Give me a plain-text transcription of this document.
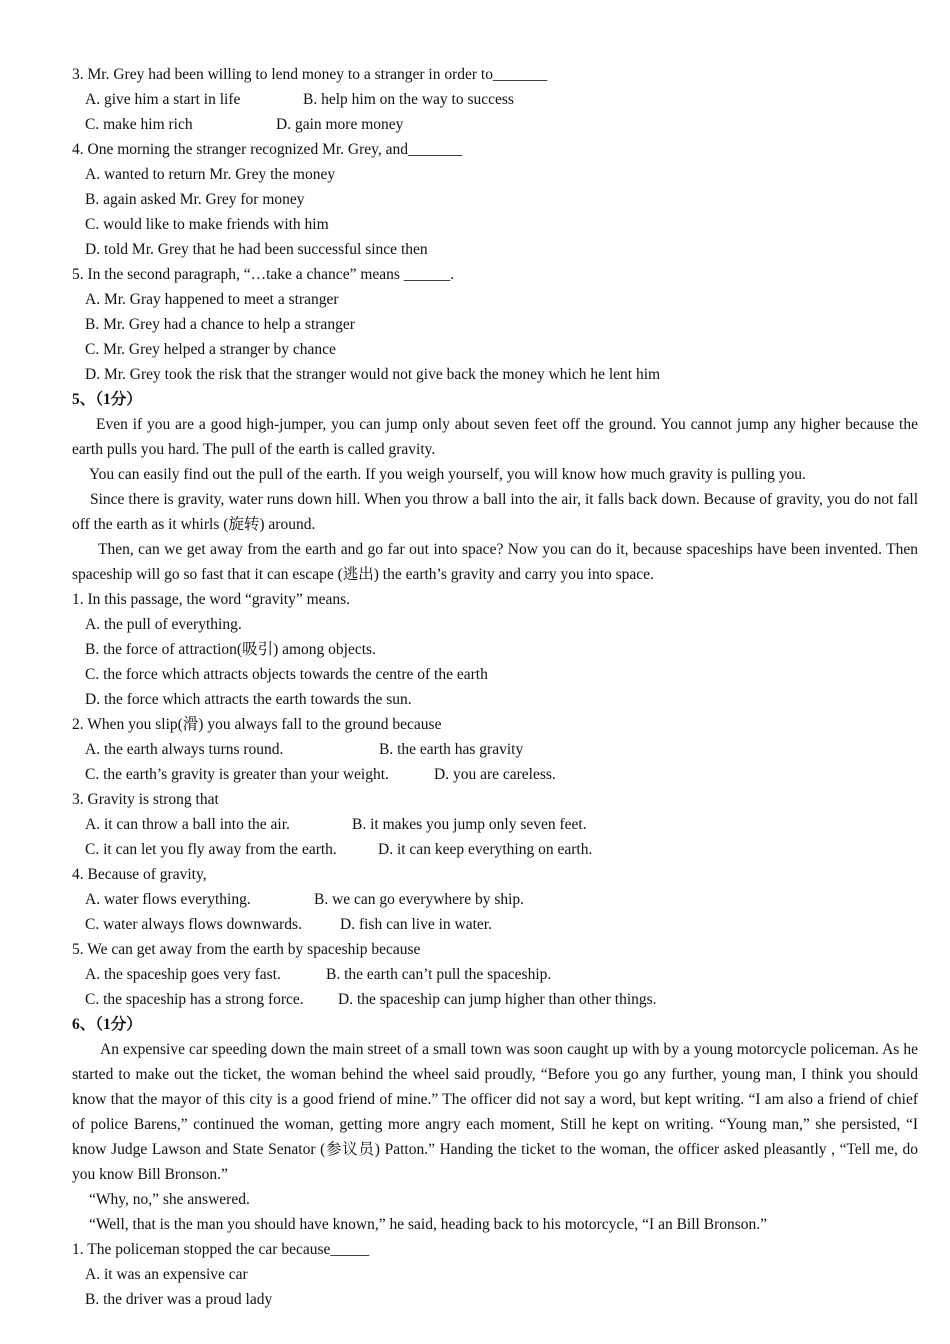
3. Mr. Grey had been willing to lend money to a stranger in order to_______
A. give him a start in life	B. help him on the way to success
C. make him rich	D. gain more money
4. One morning the stranger recognized Mr. Grey, and_______
A. wanted to return Mr. Grey the money
B. again asked Mr. Grey for money
C. would like to make friends with him
D. told Mr. Grey that he had been successful since then
5. In the second paragraph, “…take a chance” means ______.
A. Mr. Gray happened to meet a stranger
B. Mr. Grey had a chance to help a stranger
C. Mr. Grey helped a stranger by chance
D. Mr. Grey took the risk that the stranger would not give back the money which he lent him
5、（1分）
Even if you are a good high-jumper, you can jump only about seven feet off the ground. You cannot jump any higher because the earth pulls you hard. The pull of the earth is called gravity.
You can easily find out the pull of the earth. If you weigh yourself, you will know how much gravity is pulling you.
Since there is gravity, water runs down hill. When you throw a ball into the air, it falls back down. Because of gravity, you do not fall off the earth as it whirls (旋转) around.
Then, can we get away from the earth and go far out into space? Now you can do it, because spaceships have been invented. Then spaceship will go so fast that it can escape (逃出) the earth’s gravity and carry you into space.
1. In this passage, the word “gravity” means.
A. the pull of everything.
B. the force of attraction(吸引) among objects.
C. the force which attracts objects towards the centre of the earth
D. the force which attracts the earth towards the sun.
2. When you slip(滑) you always fall to the ground because
A. the earth always turns round.	B. the earth has gravity
C. the earth’s gravity is greater than your weight.	D. you are careless.
3. Gravity is strong that
A. it can throw a ball into the air.	B. it makes you jump only seven feet.
C. it can let you fly away from the earth.	D. it can keep everything on earth.
4. Because of gravity,
A. water flows everything.	B. we can go everywhere by ship.
C. water always flows downwards. D. fish can live in water.
5. We can get away from the earth by spaceship because
A. the spaceship goes very fast.	B. the earth can’t pull the spaceship.
C. the spaceship has a strong force. D. the spaceship can jump higher than other things.
6、（1分）
An expensive car speeding down the main street of a small town was soon caught up with by a young motorcycle policeman. As he started to make out the ticket, the woman behind the wheel said proudly, “Before you go any further, young man, I think you should know that the mayor of this city is a good friend of mine.” The officer did not say a word, but kept writing. “I am also a friend of chief of police Barens,” continued the woman, getting more angry each moment, Still he kept on writing. “Young man,” she persisted, “I know Judge Lawson and State Senator (参议员) Patton.” Handing the ticket to the woman, the officer asked pleasantly , “Tell me, do you know Bill Bronson.”
“Why, no,” she answered.
“Well, that is the man you should have known,” he said, heading back to his motorcycle, “I an Bill Bronson.”
1. The policeman stopped the car because_____
A. it was an expensive car
B. the driver was a proud lady
